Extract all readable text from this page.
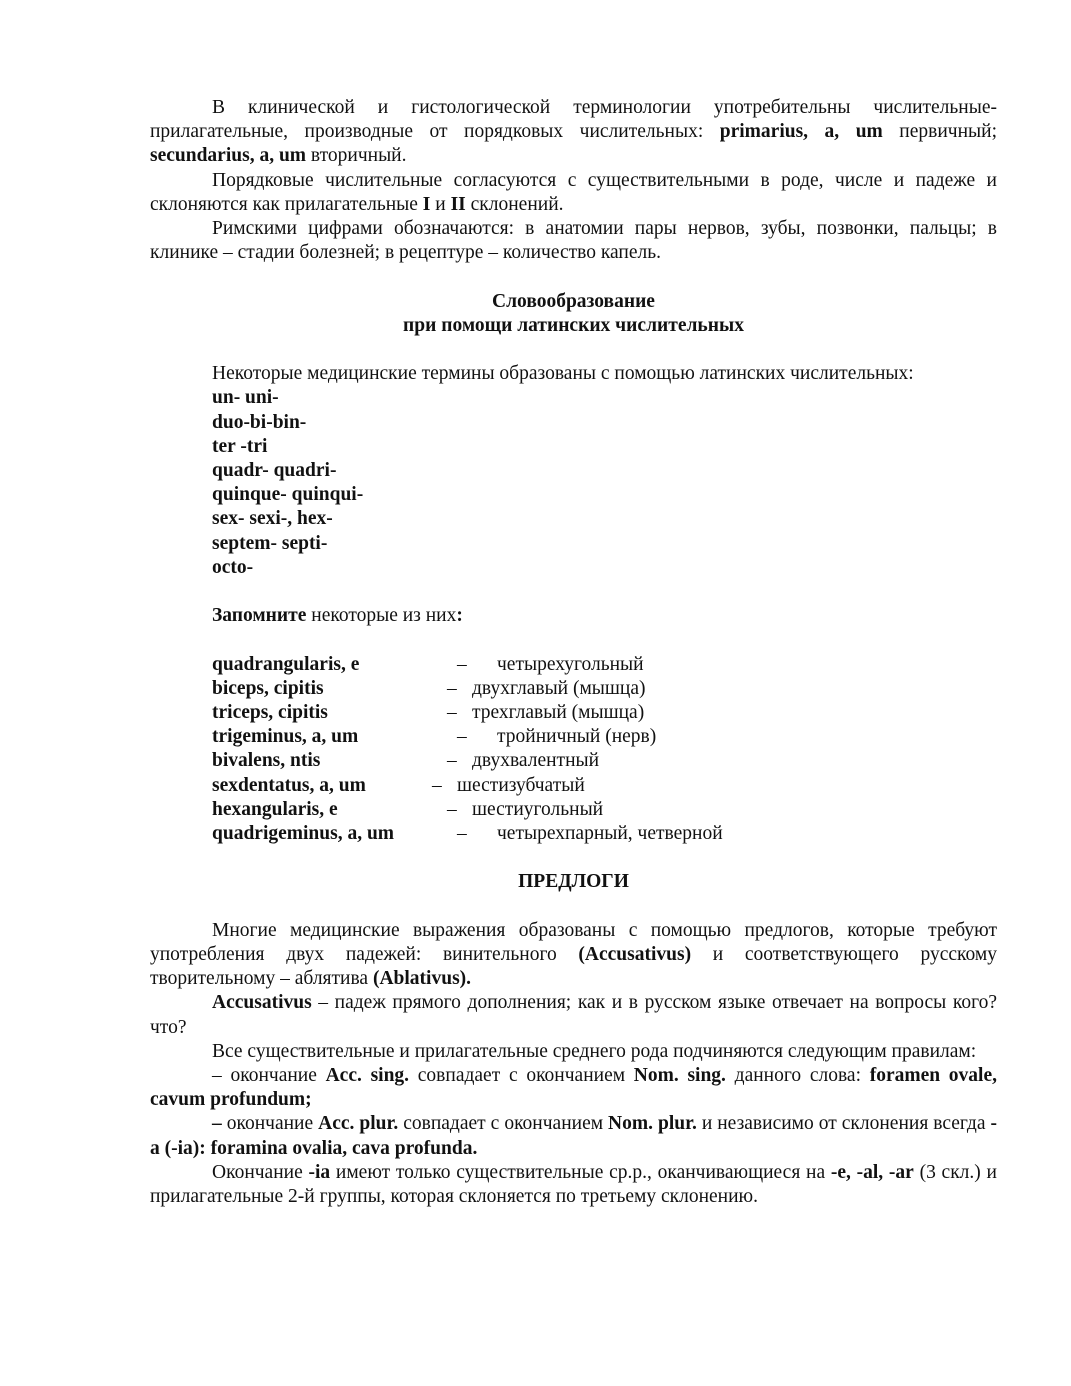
В клинической и гистологической терминологии употребительны числительные-прилагательные, производные от порядковых числительных: primarius, a, um первичный; secundarius, a, um вторичный.

Порядковые числительные согласуются с существительными в роде, числе и падеже и склоняются как прилагательные I и II склонений.

Римскими цифрами обозначаются: в анатомии пары нервов, зубы, позвонки, пальцы; в клинике – стадии болезней; в рецептуре – количество капель.

Словообразование

при помощи латинских числительных

Некоторые медицинские термины образованы с помощью латинских числительных:

un- uni-

duo-bi-bin-

ter -tri

quadr- quadri-

quinque- quinqui-

sex- sexi-, hex-

septem- septi-

octo-

Запомните некоторые из них:

quadrangularis, e	– четырехугольный
biceps, cipitis	– двухглавый (мышца)
triceps, cipitis	– трехглавый (мышца)
trigeminus, a, um	– тройничный (нерв)
bivalens, ntis	– двухвалентный
sexdentatus, a, um	– шестизубчатый
hexangularis, e	– шестиугольный
quadrigeminus, a, um	– четырехпарный, четверной

ПРЕДЛОГИ

Многие медицинские выражения образованы с помощью предлогов, которые требуют употребления двух падежей: винительного (Accusativus) и соответствующего русскому творительному – аблятива (Ablativus).

Accusativus – падеж прямого дополнения; как и в русском языке отвечает на вопросы кого? что?

Все существительные и прилагательные среднего рода подчиняются следующим правилам:

– окончание Acc. sing. совпадает с окончанием Nom. sing. данного слова: foramen ovale, cavum profundum;

– окончание Acc. plur. совпадает с окончанием Nom. plur. и независимо от склонения всегда -a (-ia): foramina ovalia, cava profunda.

Окончание -ia имеют только существительные ср.р., оканчивающиеся на -e, -al, -ar (3 скл.) и прилагательные 2-й группы, которая склоняется по третьему склонению.
